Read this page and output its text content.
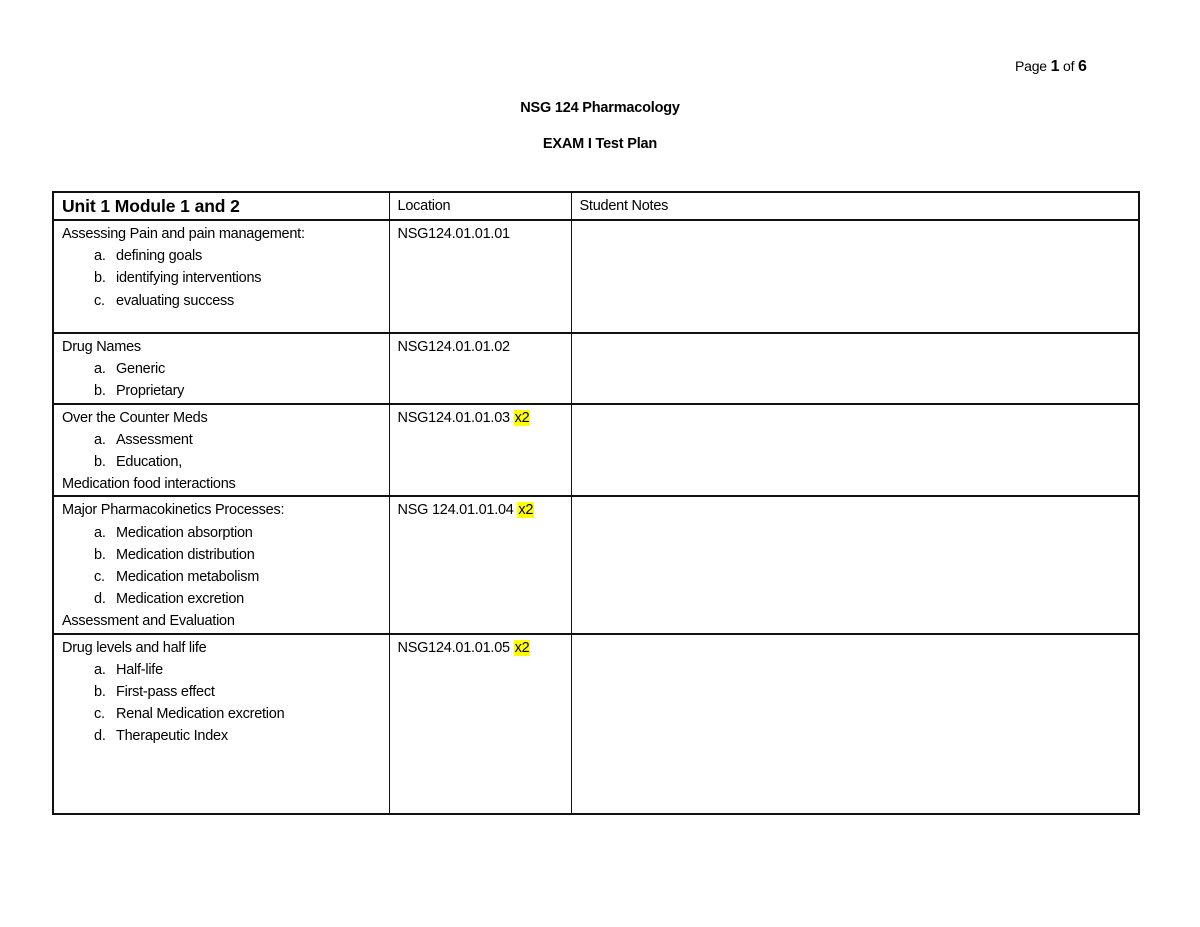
Page 1 of 6
NSG 124 Pharmacology
EXAM I Test Plan
Unit 1 Module 1 and 2	Location	Student Notes

Assessing Pain and pain management:
a. defining goals
b. identifying interventions
c. evaluating success
	NSG124.01.01.01	

Drug Names
a. Generic
b. Proprietary
	NSG124.01.01.02	

Over the Counter Meds
a. Assessment
b. Education,
Medication food interactions
	NSG124.01.01.03 x2	

Major Pharmacokinetics Processes:
a. Medication absorption
b. Medication distribution
c. Medication metabolism
d. Medication excretion
Assessment and Evaluation
	NSG 124.01.01.04 x2	

Drug levels and half life
a. Half-life
b. First-pass effect
c. Renal Medication excretion
d. Therapeutic Index
	NSG124.01.01.05 x2	
